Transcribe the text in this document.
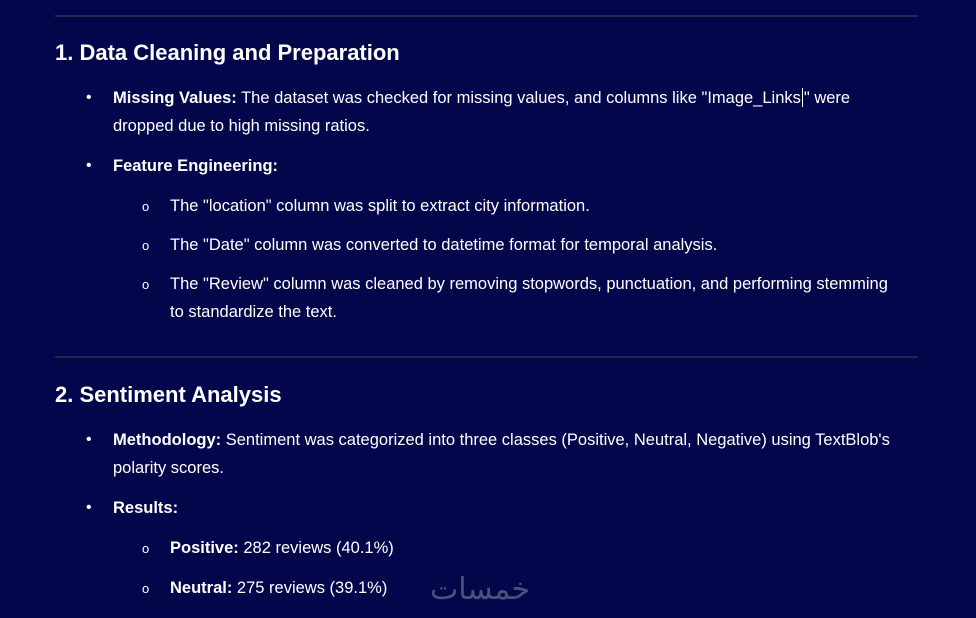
1. Data Cleaning and Preparation
• Missing Values: The dataset was checked for missing values, and columns like "Image_Links " were dropped due to high missing ratios.
• Feature Engineering:
o The "location" column was split to extract city information.
o The "Date" column was converted to datetime format for temporal analysis.
o The "Review" column was cleaned by removing stopwords, punctuation, and performing stemming to standardize the text.
2. Sentiment Analysis
• Methodology: Sentiment was categorized into three classes (Positive, Neutral, Negative) using TextBlob's polarity scores.
• Results:
o Positive: 282 reviews (40.1%)
o Neutral: 275 reviews (39.1%)	خمسات
